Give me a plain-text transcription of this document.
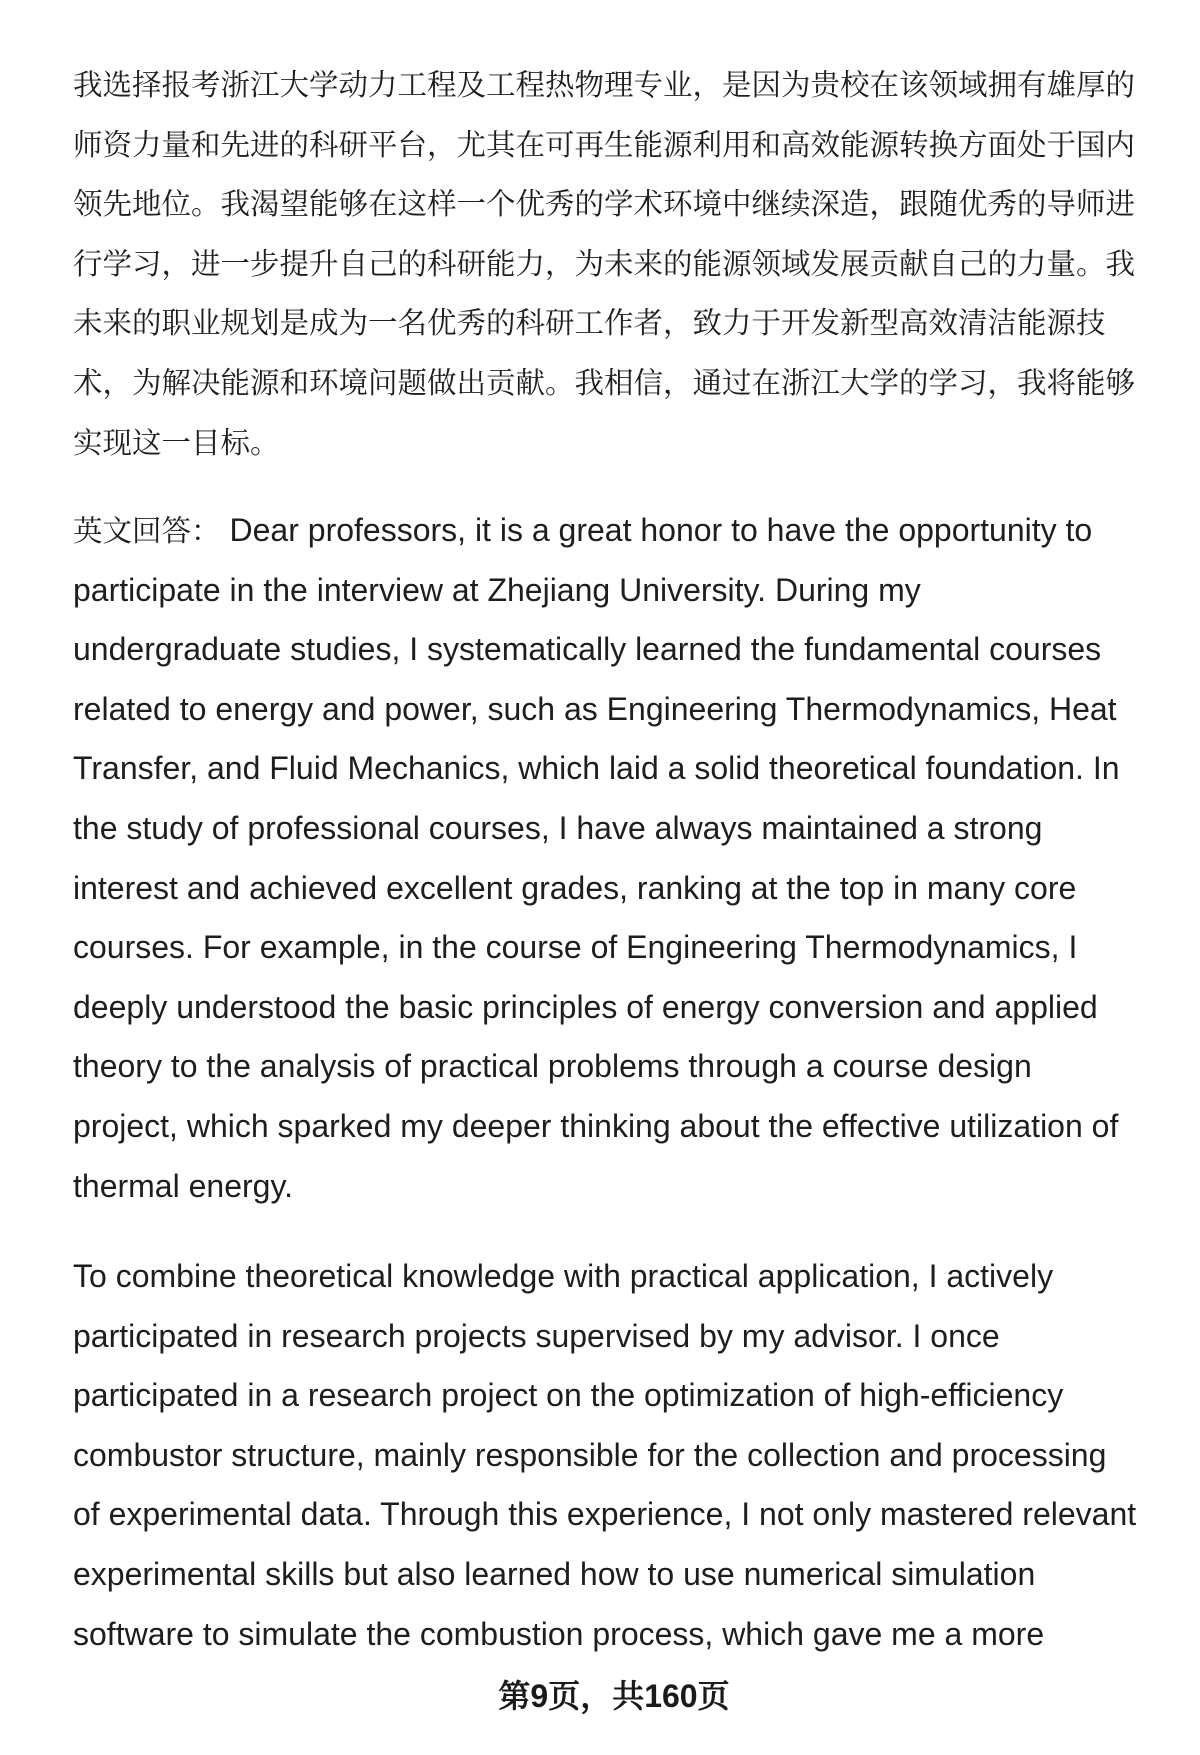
我选择报考浙江大学动力工程及工程热物理专业，是因为贵校在该领域拥有雄厚的
师资力量和先进的科研平台，尤其在可再生能源利用和高效能源转换方面处于国内
领先地位。我渴望能够在这样一个优秀的学术环境中继续深造，跟随优秀的导师进
行学习，进一步提升自己的科研能力，为未来的能源领域发展贡献自己的力量。我
未来的职业规划是成为一名优秀的科研工作者，致力于开发新型高效清洁能源技
术，为解决能源和环境问题做出贡献。我相信，通过在浙江大学的学习，我将能够
实现这一目标。
英文回答： Dear professors, it is a great honor to have the opportunity to
participate in the interview at Zhejiang University. During my
undergraduate studies, I systematically learned the fundamental courses
related to energy and power, such as Engineering Thermodynamics, Heat
Transfer, and Fluid Mechanics, which laid a solid theoretical foundation. In
the study of professional courses, I have always maintained a strong
interest and achieved excellent grades, ranking at the top in many core
courses. For example, in the course of Engineering Thermodynamics, I
deeply understood the basic principles of energy conversion and applied
theory to the analysis of practical problems through a course design
project, which sparked my deeper thinking about the effective utilization of
thermal energy.
To combine theoretical knowledge with practical application, I actively
participated in research projects supervised by my advisor. I once
participated in a research project on the optimization of high-efficiency
combustor structure, mainly responsible for the collection and processing
of experimental data. Through this experience, I not only mastered relevant
experimental skills but also learned how to use numerical simulation
software to simulate the combustion process, which gave me a more
第9页，共160页
